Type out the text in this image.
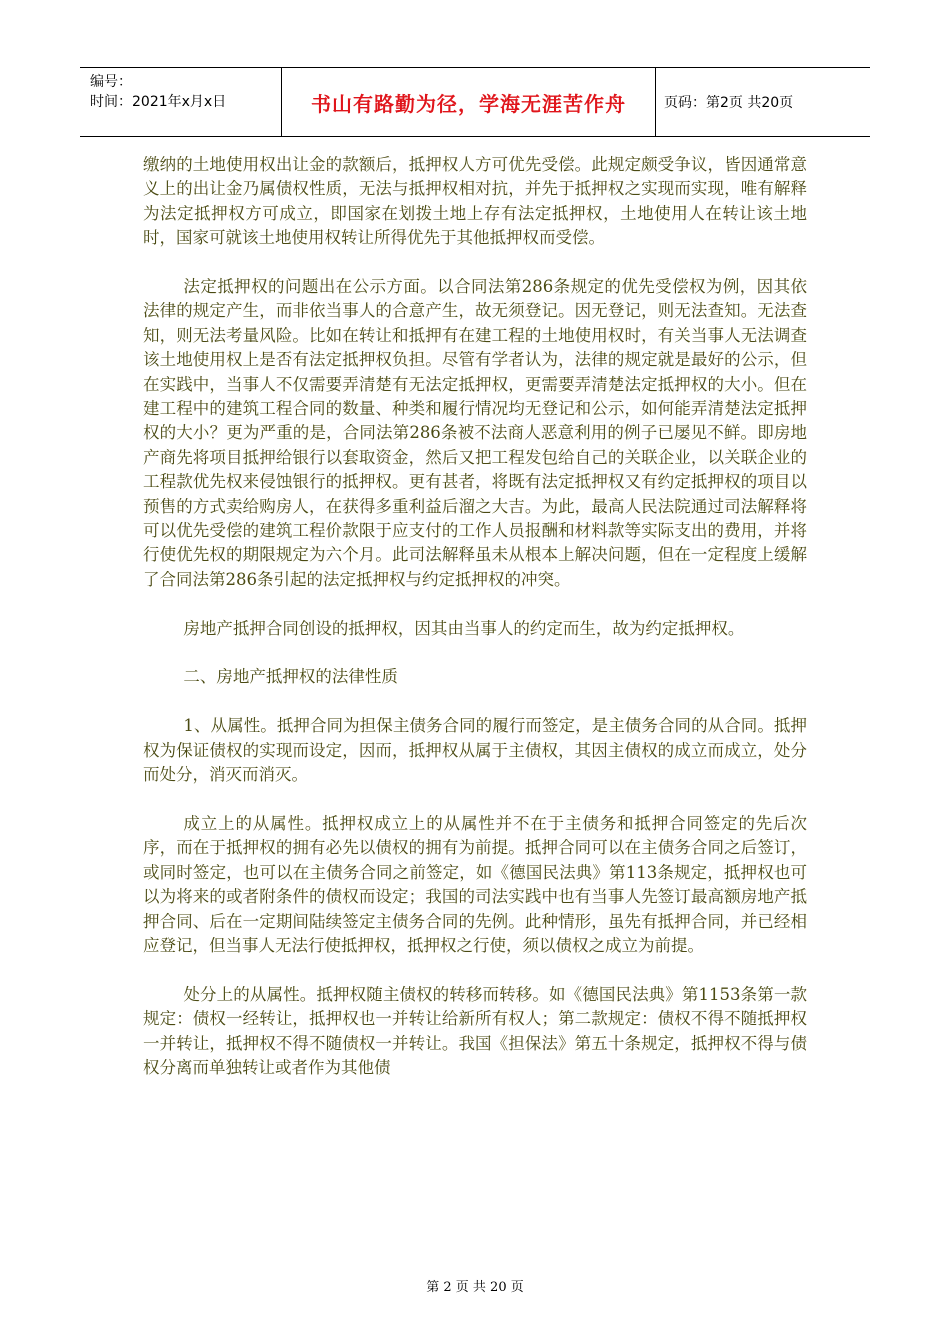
编号：
时间：2021年x月x日	书山有路勤为径，学海无涯苦作舟	页码：第2页 共20页

缴纳的土地使用权出让金的款额后，抵押权人方可优先受偿。此规定颇受争议，皆因通常意义上的出让金乃属债权性质，无法与抵押权相对抗，并先于抵押权之实现而实现，唯有解释为法定抵押权方可成立，即国家在划拨土地上存有法定抵押权，土地使用人在转让该土地时，国家可就该土地使用权转让所得优先于其他抵押权而受偿。

法定抵押权的问题出在公示方面。以合同法第286条规定的优先受偿权为例，因其依法律的规定产生，而非依当事人的合意产生，故无须登记。因无登记，则无法查知。无法查知，则无法考量风险。比如在转让和抵押有在建工程的土地使用权时，有关当事人无法调查该土地使用权上是否有法定抵押权负担。尽管有学者认为，法律的规定就是最好的公示，但在实践中，当事人不仅需要弄清楚有无法定抵押权，更需要弄清楚法定抵押权的大小。但在建工程中的建筑工程合同的数量、种类和履行情况均无登记和公示，如何能弄清楚法定抵押权的大小？更为严重的是，合同法第286条被不法商人恶意利用的例子已屡见不鲜。即房地产商先将项目抵押给银行以套取资金，然后又把工程发包给自己的关联企业，以关联企业的工程款优先权来侵蚀银行的抵押权。更有甚者，将既有法定抵押权又有约定抵押权的项目以预售的方式卖给购房人，在获得多重利益后溜之大吉。为此，最高人民法院通过司法解释将可以优先受偿的建筑工程价款限于应支付的工作人员报酬和材料款等实际支出的费用，并将行使优先权的期限规定为六个月。此司法解释虽未从根本上解决问题，但在一定程度上缓解了合同法第286条引起的法定抵押权与约定抵押权的冲突。

房地产抵押合同创设的抵押权，因其由当事人的约定而生，故为约定抵押权。

二、房地产抵押权的法律性质

1、从属性。抵押合同为担保主债务合同的履行而签定，是主债务合同的从合同。抵押权为保证债权的实现而设定，因而，抵押权从属于主债权，其因主债权的成立而成立，处分而处分，消灭而消灭。

成立上的从属性。抵押权成立上的从属性并不在于主债务和抵押合同签定的先后次序，而在于抵押权的拥有必先以债权的拥有为前提。抵押合同可以在主债务合同之后签订，或同时签定，也可以在主债务合同之前签定，如《德国民法典》第113条规定，抵押权也可以为将来的或者附条件的债权而设定；我国的司法实践中也有当事人先签订最高额房地产抵押合同、后在一定期间陆续签定主债务合同的先例。此种情形，虽先有抵押合同，并已经相应登记，但当事人无法行使抵押权，抵押权之行使，须以债权之成立为前提。

处分上的从属性。抵押权随主债权的转移而转移。如《德国民法典》第1153条第一款规定：债权一经转让，抵押权也一并转让给新所有权人；第二款规定：债权不得不随抵押权一并转让，抵押权不得不随债权一并转让。我国《担保法》第五十条规定，抵押权不得与债权分离而单独转让或者作为其他债

第 2 页 共 20 页
